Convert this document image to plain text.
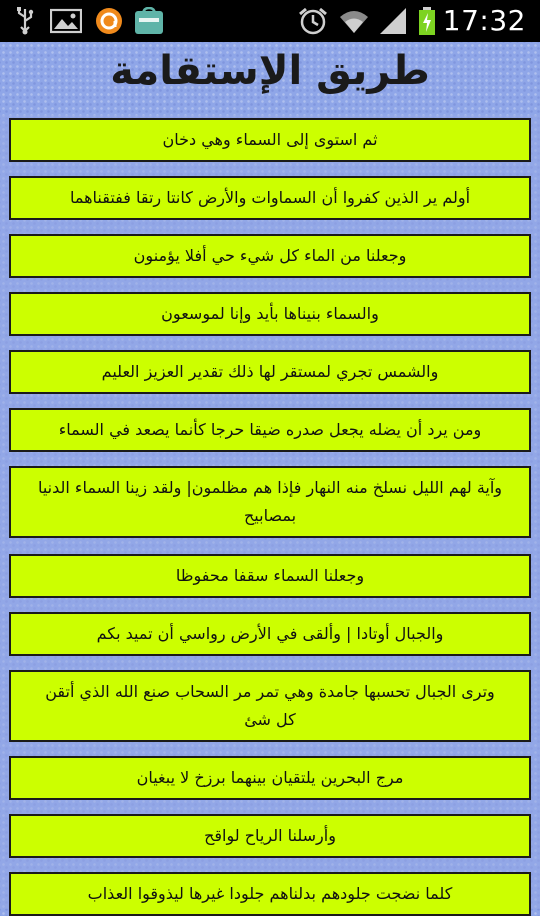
17:32
طريق الإستقامة
ثم استوى إلى السماء وهي دخان
أولم ير الذين كفروا أن السماوات والأرض كانتا رتقا ففتقناهما
وجعلنا من الماء كل شيء حي أفلا يؤمنون
والسماء بنيناها بأيد وإنا لموسعون
والشمس تجري لمستقر لها ذلك تقدير العزيز العليم
ومن يرد أن يضله يجعل صدره ضيقا حرجا كأنما يصعد في السماء
وآية لهم الليل نسلخ منه النهار فإذا هم مظلمون| ولقد زينا السماء الدنيا بمصابيح
وجعلنا السماء سقفا محفوظا
والجبال أوتادا | وألقى في الأرض رواسي أن تميد بكم
وترى الجبال تحسبها جامدة وهي تمر مر السحاب صنع الله الذي أتقن كل شئ
مرج البحرين يلتقيان بينهما برزخ لا يبغيان
وأرسلنا الرياح لواقح
كلما نضجت جلودهم بدلناهم جلودا غيرها ليذوقوا العذاب
